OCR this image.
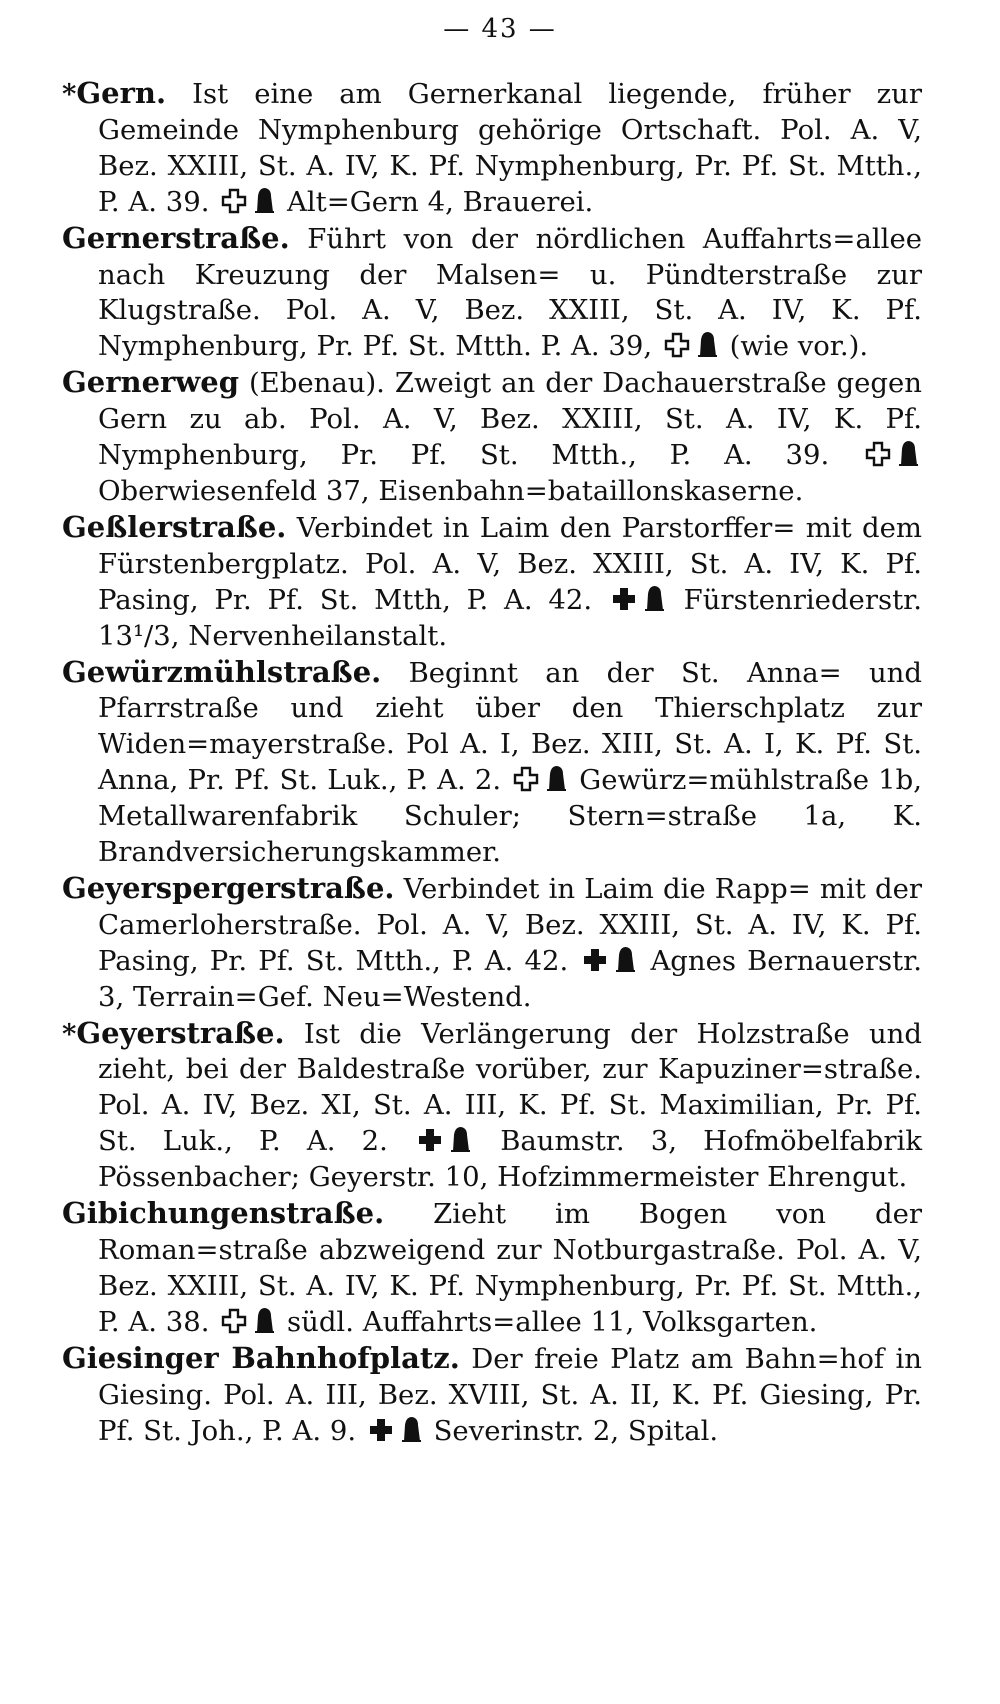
— 43 —

*Gern. Ist eine am Gernerkanal liegende, früher zur Gemeinde Nymphenburg gehörige Ortschaft. Pol. A. V, Bez. XXIII, St. A. IV, K. Pf. Nymphenburg, Pr. Pf. St. Mtth., P. A. 39.	Alt=Gern 4, Brauerei.

Gernerstraße. Führt von der nördlichen Auffahrts=allee nach Kreuzung der Malsen= u. Pündterstraße zur Klugstraße. Pol. A. V, Bez. XXIII, St. A. IV, K. Pf. Nymphenburg, Pr. Pf. St. Mtth. P. A. 39,	(wie vor.).

Gernerweg (Ebenau). Zweigt an der Dachauerstraße gegen Gern zu ab. Pol. A. V, Bez. XXIII, St. A. IV, K. Pf. Nymphenburg, Pr. Pf. St. Mtth., P. A. 39.
Oberwiesenfeld 37, Eisenbahn=bataillonskaserne.

Geßlerstraße. Verbindet in Laim den Parstorffer= mit dem Fürstenbergplatz. Pol. A. V, Bez. XXIII, St. A. IV, K. Pf. Pasing, Pr. Pf. St. Mtth, P. A. 42.	Fürstenriederstr. 13¹/3, Nervenheilanstalt.

Gewürzmühlstraße. Beginnt an der St. Anna= und Pfarrstraße und zieht über den Thierschplatz zur Widen=mayerstraße. Pol A. I, Bez. XIII, St. A. I, K. Pf. St. Anna, Pr. Pf. St. Luk., P. A. 2.	Gewürz=mühlstraße 1b, Metallwarenfabrik Schuler; Stern=straße 1a, K. Brandversicherungskammer.

Geyerspergerstraße. Verbindet in Laim die Rapp= mit der Camerloherstraße. Pol. A. V, Bez. XXIII, St. A. IV, K. Pf. Pasing, Pr. Pf. St. Mtth., P. A. 42.	Agnes Bernauerstr. 3, Terrain=Gef. Neu=Westend.

*Geyerstraße. Ist die Verlängerung der Holzstraße und zieht, bei der Baldestraße vorüber, zur Kapuziner=straße. Pol. A. IV, Bez. XI, St. A. III, K. Pf. St. Maximilian, Pr. Pf. St. Luk., P. A. 2.	Baumstr. 3, Hofmöbelfabrik Pössenbacher; Geyerstr. 10, Hofzimmermeister Ehrengut.

Gibichungenstraße. Zieht im Bogen von der Roman=straße abzweigend zur Notburgastraße. Pol. A. V, Bez. XXIII, St. A. IV, K. Pf. Nymphenburg, Pr. Pf. St. Mtth., P. A. 38.	südl. Auffahrts=allee 11, Volksgarten.

Giesinger Bahnhofplatz. Der freie Platz am Bahn=hof in Giesing. Pol. A. III, Bez. XVIII, St. A. II, K. Pf. Giesing, Pr. Pf. St. Joh., P. A. 9.	Severinstr. 2, Spital.
